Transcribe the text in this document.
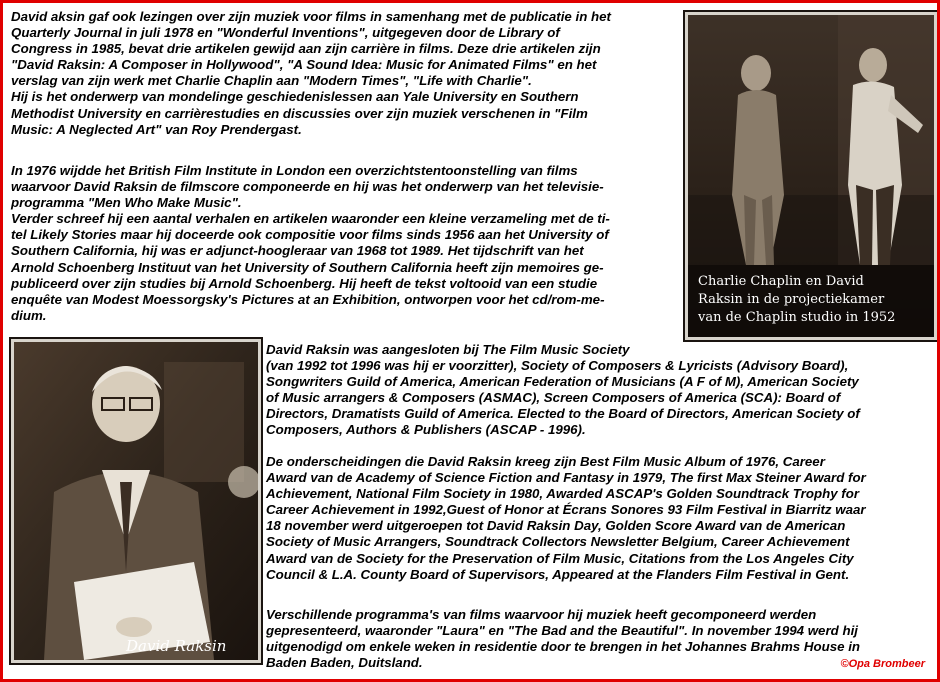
David aksin gaf ook lezingen over zijn muziek voor films in samenhang met de publicatie in het
Quarterly Journal in juli 1978 en "Wonderful Inventions", uitgegeven door de Library of
Congress in 1985, bevat drie artikelen gewijd aan zijn carrière in films. Deze drie artikelen zijn
"David Raksin: A Composer in Hollywood", "A Sound Idea: Music for Animated Films" en het
verslag van zijn werk met Charlie Chaplin aan "Modern Times", "Life with Charlie".
Hij is het onderwerp van mondelinge geschiedenislessen aan Yale University en Southern
Methodist University en carrièrestudies en discussies over zijn muziek verschenen in "Film
Music: A Neglected Art" van Roy Prendergast.

In 1976 wijdde het British Film Institute in London een overzichtstentoonstelling van films
waarvoor David Raksin de filmscore componeerde en hij was het onderwerp van het televisie-
programma "Men Who Make Music".
Verder schreef hij een aantal verhalen en artikelen waaronder een kleine verzameling met de ti-
tel Likely Stories maar hij doceerde ook compositie voor films sinds 1956 aan het University of
Southern California, hij was er adjunct-hoogleraar van 1968 tot 1989. Het tijdschrift van het
Arnold Schoenberg Instituut van het University of Southern California heeft zijn memoires ge-
publiceerd over zijn studies bij Arnold Schoenberg. Hij heeft de tekst voltooid van een studie
enquête van Modest Moessorgsky's Pictures at an Exhibition, ontworpen voor het cd/rom-me-
dium.

Charlie Chaplin en David
Raksin in de projectiekamer
van de Chaplin studio in 1952
David Raksin

David Raksin was aangesloten bij The Film Music Society
(van 1992 tot 1996 was hij er voorzitter), Society of Composers & Lyricists (Advisory Board),
Songwriters Guild of America, American Federation of Musicians (A F of M), American Society
of Music arrangers & Composers (ASMAC), Screen Composers of America (SCA): Board of
Directors, Dramatists Guild of America. Elected to the Board of Directors, American Society of
Composers, Authors & Publishers (ASCAP - 1996).

De onderscheidingen die David Raksin kreeg zijn Best Film Music Album of 1976, Career
Award van de Academy of Science Fiction and Fantasy in 1979, The first Max Steiner Award for
Achievement, National Film Society in 1980, Awarded ASCAP's Golden Soundtrack Trophy for
Career Achievement in 1992,Guest of Honor at Écrans Sonores 93 Film Festival in Biarritz waar
18 november werd uitgeroepen tot David Raksin Day, Golden Score Award van de American
Society of Music Arrangers, Soundtrack Collectors Newsletter Belgium, Career Achievement
Award van de Society for the Preservation of Film Music, Citations from the Los Angeles City
Council & L.A. County Board of Supervisors, Appeared at the Flanders Film Festival in Gent.

Verschillende programma's van films waarvoor hij muziek heeft gecomponeerd werden
gepresenteerd, waaronder "Laura" en "The Bad and the Beautiful". In november 1994 werd hij
uitgenodigd om enkele weken in residentie door te brengen in het Johannes Brahms House in
Baden Baden, Duitsland.	©Opa Brombeer
